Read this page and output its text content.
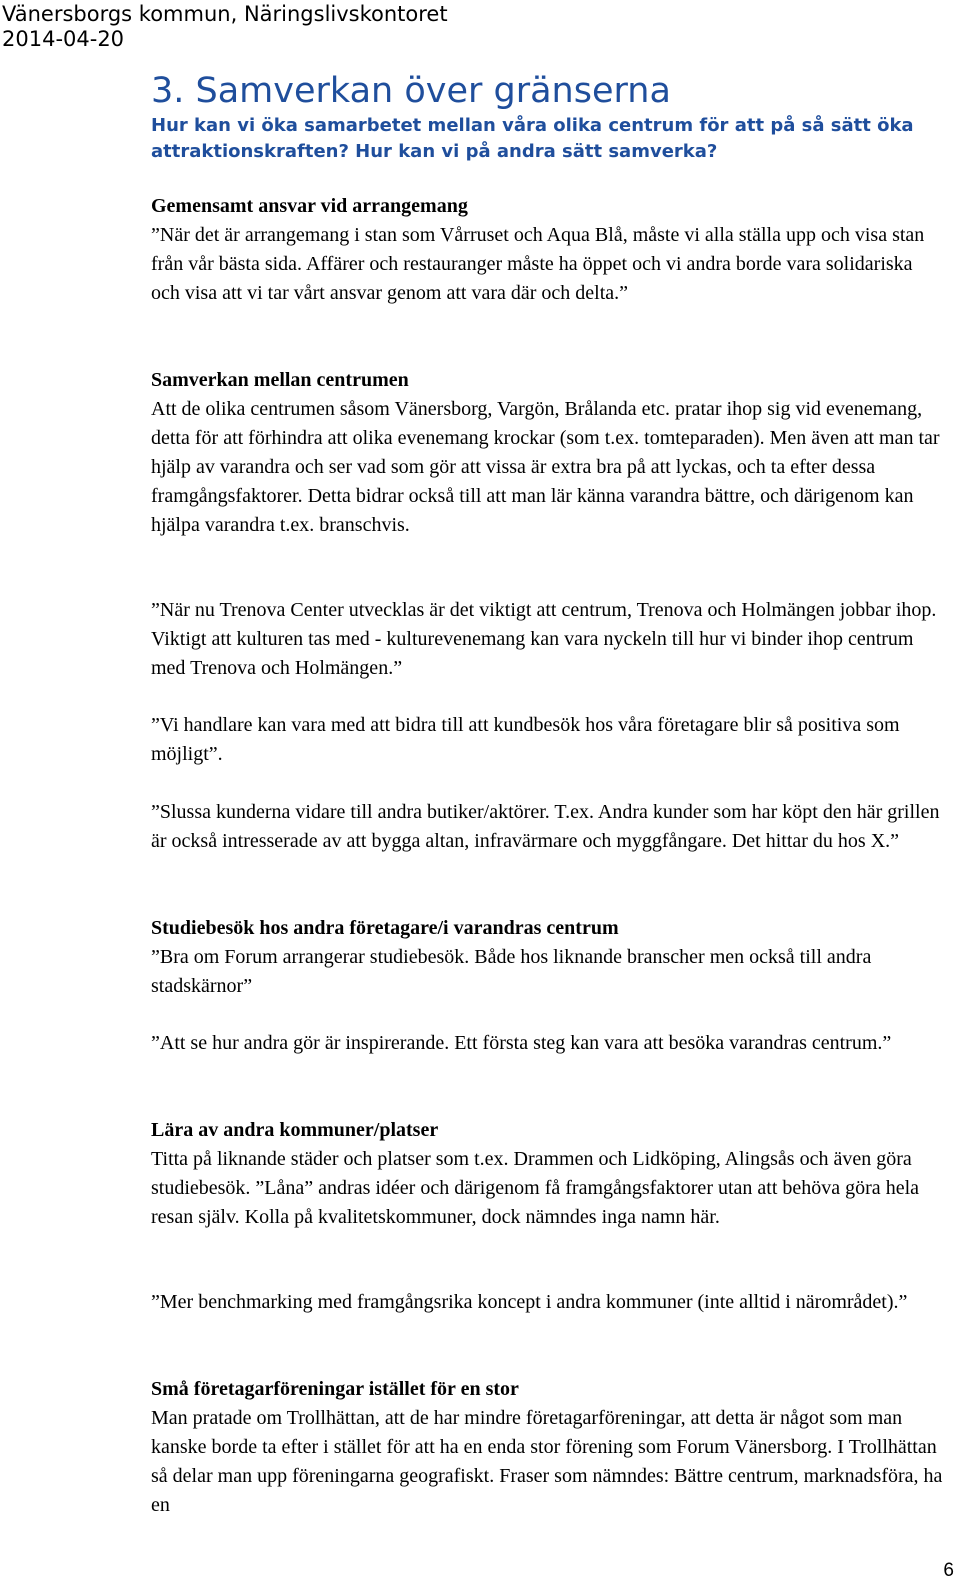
Vänersborgs kommun, Näringslivskontoret
2014-04-20
3. Samverkan över gränserna
Hur kan vi öka samarbetet mellan våra olika centrum för att på så sätt öka attraktionskraften? Hur kan vi på andra sätt samverka?
Gemensamt ansvar vid arrangemang
”När det är arrangemang i stan som Vårruset och Aqua Blå, måste vi alla ställa upp och visa stan från vår bästa sida. Affärer och restauranger måste ha öppet och vi andra borde vara solidariska och visa att vi tar vårt ansvar genom att vara där och delta.”
Samverkan mellan centrumen
Att de olika centrumen såsom Vänersborg, Vargön, Brålanda etc. pratar ihop sig vid evenemang, detta för att förhindra att olika evenemang krockar (som t.ex. tomteparaden). Men även att man tar hjälp av varandra och ser vad som gör att vissa är extra bra på att lyckas, och ta efter dessa framgångsfaktorer. Detta bidrar också till att man lär känna varandra bättre, och därigenom kan hjälpa varandra t.ex. branschvis.
”När nu Trenova Center utvecklas är det viktigt att centrum, Trenova och Holmängen jobbar ihop. Viktigt att kulturen tas med - kulturevenemang kan vara nyckeln till hur vi binder ihop centrum med Trenova och Holmängen.”
”Vi handlare kan vara med att bidra till att kundbesök hos våra företagare blir så positiva som möjligt”.
”Slussa kunderna vidare till andra butiker/aktörer. T.ex. Andra kunder som har köpt den här grillen är också intresserade av att bygga altan, infravärmare och myggfångare. Det hittar du hos X.”
Studiebesök hos andra företagare/i varandras centrum
”Bra om Forum arrangerar studiebesök. Både hos liknande branscher men också till andra stadskärnor”
”Att se hur andra gör är inspirerande. Ett första steg kan vara att besöka varandras centrum.”
Lära av andra kommuner/platser
Titta på liknande städer och platser som t.ex. Drammen och Lidköping, Alingsås och även göra studiebesök. ”Låna” andras idéer och därigenom få framgångsfaktorer utan att behöva göra hela resan själv. Kolla på kvalitetskommuner, dock nämndes inga namn här.
”Mer benchmarking med framgångsrika koncept i andra kommuner (inte alltid i närområdet).”
Små företagarföreningar istället för en stor
Man pratade om Trollhättan, att de har mindre företagarföreningar, att detta är något som man kanske borde ta efter i stället för att ha en enda stor förening som Forum Vänersborg. I Trollhättan så delar man upp föreningarna geografiskt. Fraser som nämndes: Bättre centrum, marknadsföra, ha en
6
